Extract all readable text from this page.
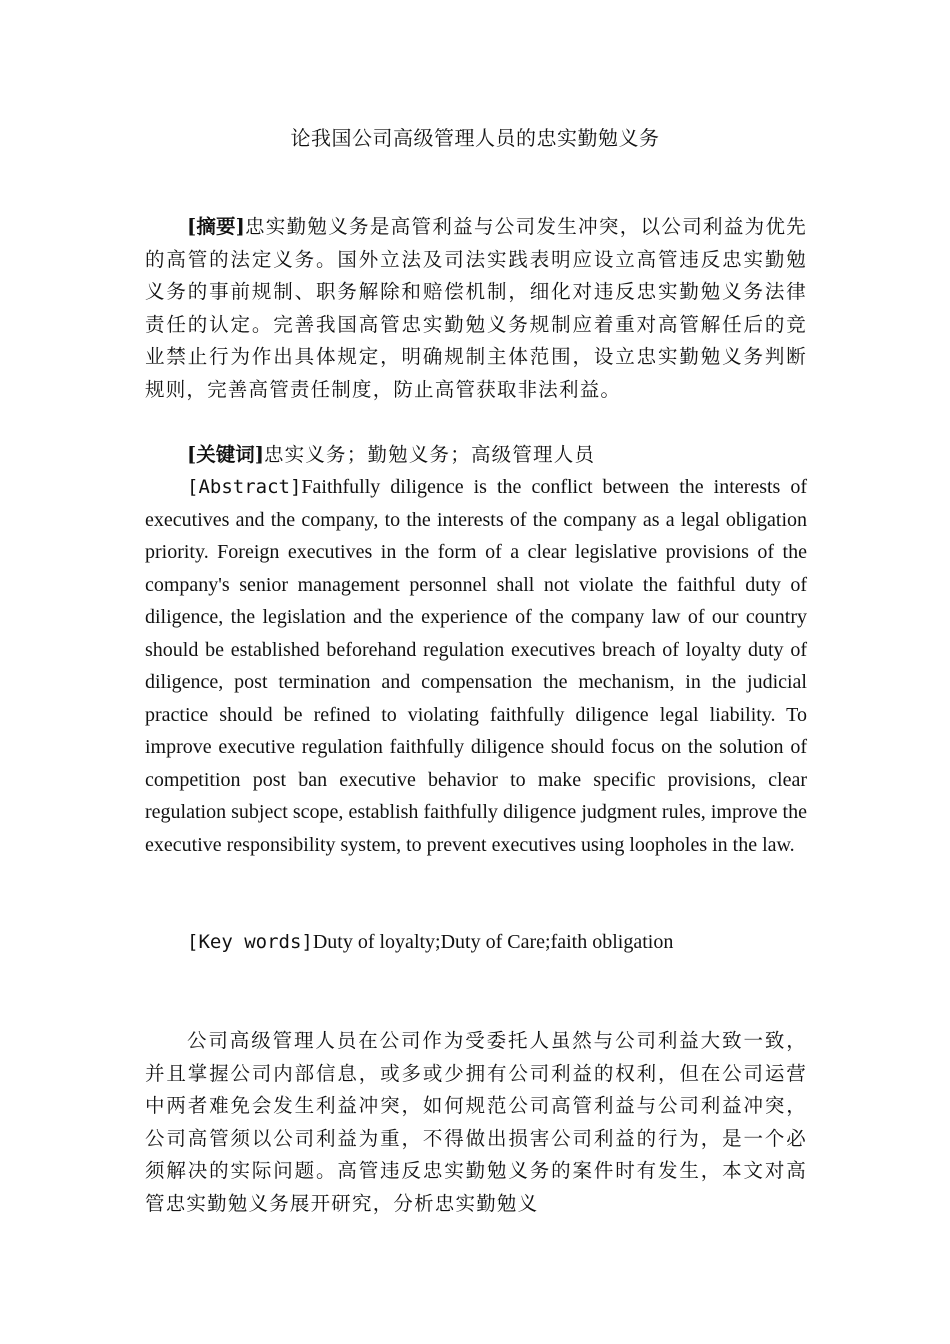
论我国公司高级管理人员的忠实勤勉义务
[摘要]忠实勤勉义务是高管利益与公司发生冲突，以公司利益为优先的高管的法定义务。国外立法及司法实践表明应设立高管违反忠实勤勉义务的事前规制、职务解除和赔偿机制，细化对违反忠实勤勉义务法律责任的认定。完善我国高管忠实勤勉义务规制应着重对高管解任后的竞业禁止行为作出具体规定，明确规制主体范围，设立忠实勤勉义务判断规则，完善高管责任制度，防止高管获取非法利益。
[关键词]忠实义务；勤勉义务；高级管理人员
[Abstract]Faithfully diligence is the conflict between the interests of executives and the company, to the interests of the company as a legal obligation priority. Foreign executives in the form of a clear legislative provisions of the company's senior management personnel shall not violate the faithful duty of diligence, the legislation and the experience of the company law of our country should be established beforehand regulation executives breach of loyalty duty of diligence, post termination and compensation the mechanism, in the judicial practice should be refined to violating faithfully diligence legal liability. To improve executive regulation faithfully diligence should focus on the solution of competition post ban executive behavior to make specific provisions, clear regulation subject scope, establish faithfully diligence judgment rules, improve the executive responsibility system, to prevent executives using loopholes in the law.
[Key words]Duty of loyalty;Duty of Care;faith obligation
公司高级管理人员在公司作为受委托人虽然与公司利益大致一致，并且掌握公司内部信息，或多或少拥有公司利益的权利，但在公司运营中两者难免会发生利益冲突，如何规范公司高管利益与公司利益冲突，公司高管须以公司利益为重，不得做出损害公司利益的行为，是一个必须解决的实际问题。高管违反忠实勤勉义务的案件时有发生，本文对高管忠实勤勉义务展开研究，分析忠实勤勉义
